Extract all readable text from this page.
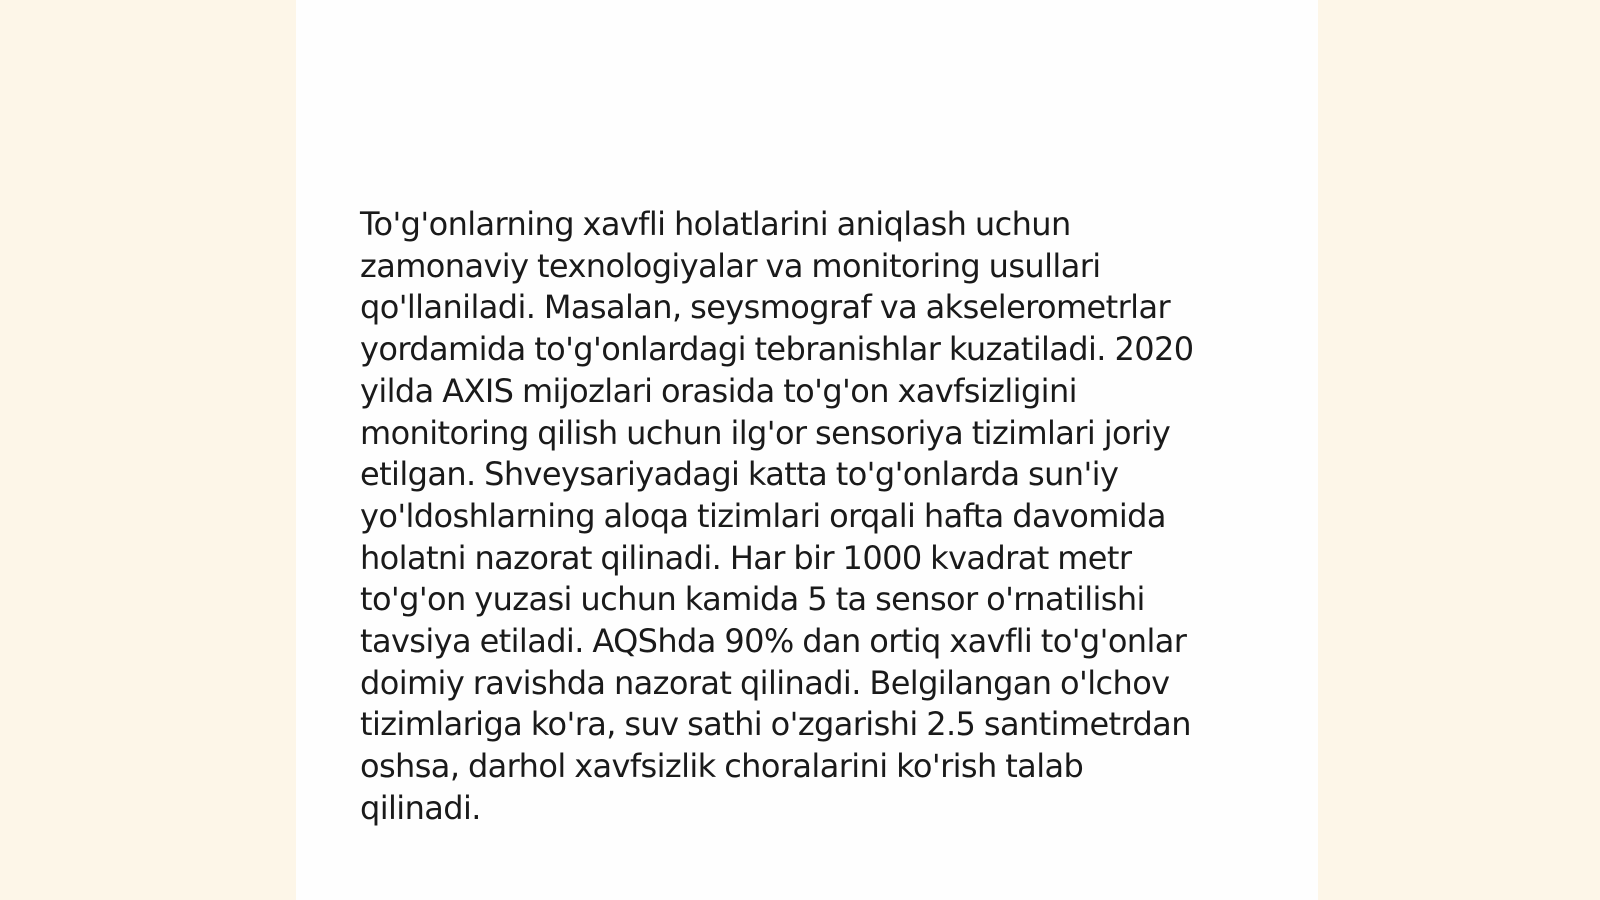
To'g'onlarning xavfli holatlarini aniqlash uchun
zamonaviy texnologiyalar va monitoring usullari
qo'llaniladi. Masalan, seysmograf va akselerometrlar
yordamida to'g'onlardagi tebranishlar kuzatiladi. 2020
yilda AXIS mijozlari orasida to'g'on xavfsizligini
monitoring qilish uchun ilg'or sensoriya tizimlari joriy
etilgan. Shveysariyadagi katta to'g'onlarda sun'iy
yo'ldoshlarning aloqa tizimlari orqali hafta davomida
holatni nazorat qilinadi. Har bir 1000 kvadrat metr
to'g'on yuzasi uchun kamida 5 ta sensor o'rnatilishi
tavsiya etiladi. AQShda 90% dan ortiq xavfli to'g'onlar
doimiy ravishda nazorat qilinadi. Belgilangan o'lchov
tizimlariga ko'ra, suv sathi o'zgarishi 2.5 santimetrdan
oshsa, darhol xavfsizlik choralarini ko'rish talab
qilinadi.
